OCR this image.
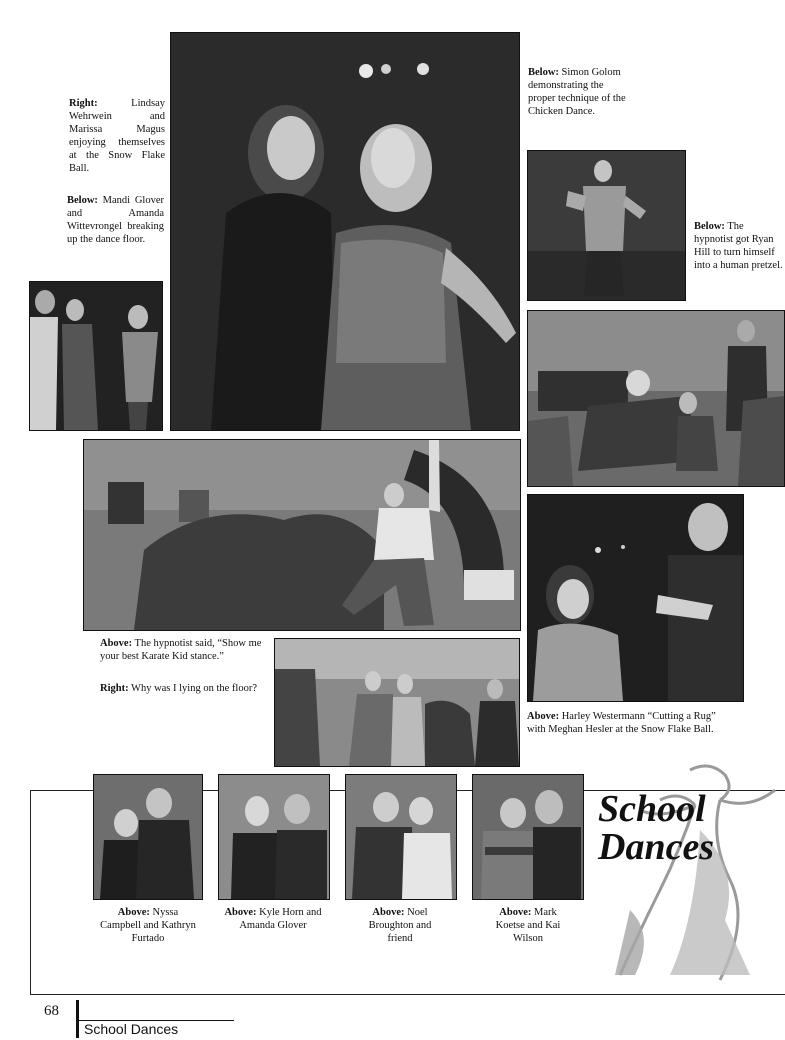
Right:	Lindsay Wehrwein and Marissa Magus enjoying themselves at the Snow Flake Ball.
Below: Mandi Glover and Amanda Wittevrongel breaking up the dance floor.
Below: Simon Golom demonstrating the proper technique of the Chicken Dance.
Below: The hypnotist got Ryan Hill to turn himself into a human pretzel.
Above: The hypnotist said, “Show me your best Karate Kid stance.”
Right: Why was I lying on the floor?
Above: Harley Westermann “Cutting a Rug” with Meghan Hesler at the Snow Flake Ball.
Above: Nyssa Campbell and Kathryn Furtado
Above: Kyle Horn and Amanda Glover
Above: Noel Broughton and friend
Above: Mark Koetse and Kai Wilson
School
Dances
68
School Dances
